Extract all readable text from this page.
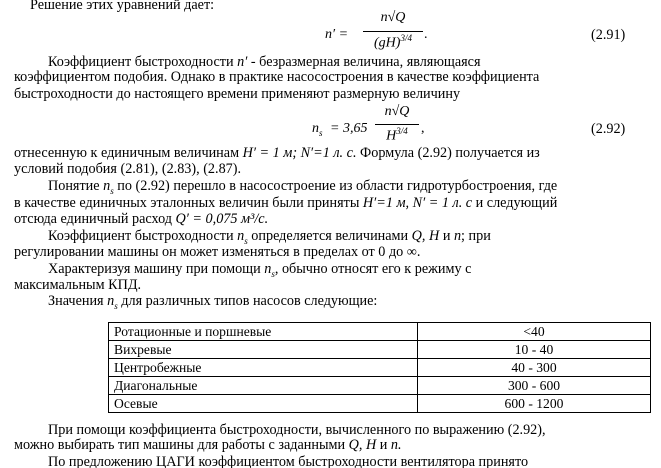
Решение этих уравнений дает:
n′ =
n√Q
(gH)$^{3/4}$ .	(2.91)
Коэффициент быстроходности n′ - безразмерная величина, являющаяся
коэффициентом подобия. Однако в практике насосостроения в качестве коэффициента
быстроходности до настоящего времени применяют размерную величину
$n_s = 3,65$
n√Q
$H^{3/4}$ ,	(2.92)
отнесенную к единичным величинам H′ = 1 м; N′=1 л. с. Формула (2.92) получается из
условий подобия (2.81), (2.83), (2.87).
Понятие $n_s$ по (2.92) перешло в насосостроение из области гидротурбостроения, где
в качестве единичных эталонных величин были приняты H′=1 м, N′ = 1 л. с и следующий
отсюда единичный расход Q′ = 0,075 м³/с.
Коэффициент быстроходности $n_s$ определяется величинами Q, H и n; при
регулировании машины он может изменяться в пределах от 0 до ∞.
Характеризуя машину при помощи $n_s$, обычно относят его к режиму с
максимальным КПД.
Значения $n_s$ для различных типов насосов следующие:
Ротационные и поршневые	<40
Вихревые	10 - 40
Центробежные	40 - 300
Диагональные	300 - 600
Осевые	600 - 1200
При помощи коэффициента быстроходности, вычисленного по выражению (2.92),
можно выбирать тип машины для работы с заданными Q, H и n.
По предложению ЦАГИ коэффициентом быстроходности вентилятора принято
